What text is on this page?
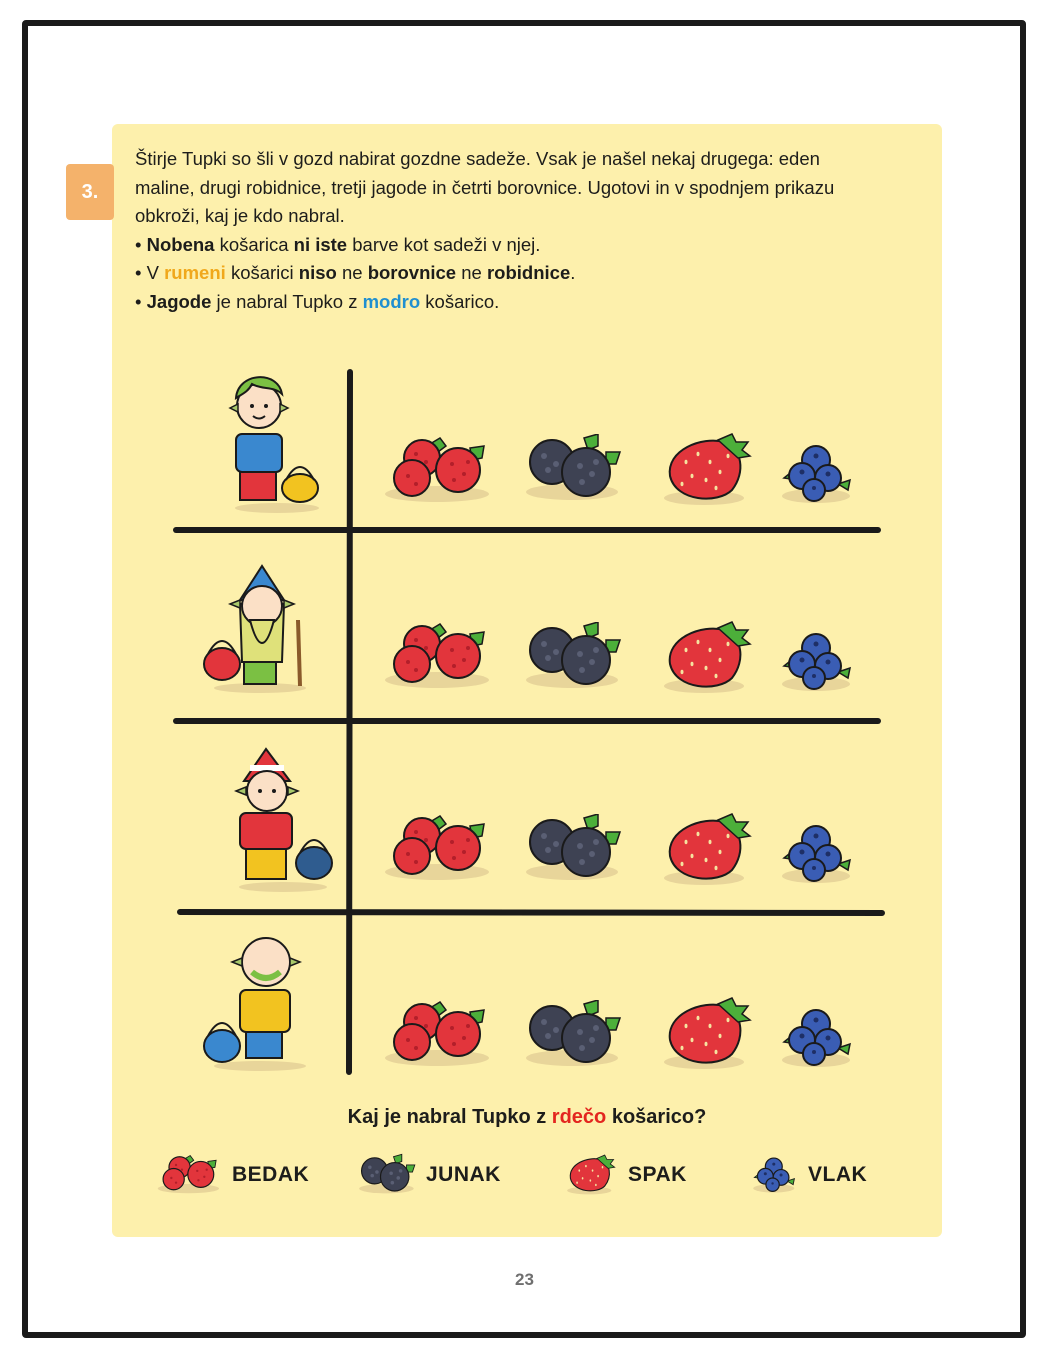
3.

Štirje Tupki so šli v gozd nabirat gozdne sadeže. Vsak je našel nekaj drugega: eden

maline, drugi robidnice, tretji jagode in četrti borovnice. Ugotovi in v spodnjem prikazu

obkroži, kaj je kdo nabral.

• Nobena košarica ni iste barve kot sadeži v njej.

• V rumeni košarici niso ne borovnice ne robidnice.

• Jagode je nabral Tupko z modro košarico.

Kaj je nabral Tupko z rdečo košarico?
BEDAK	JUNAK	SPAK	VLAK
23
